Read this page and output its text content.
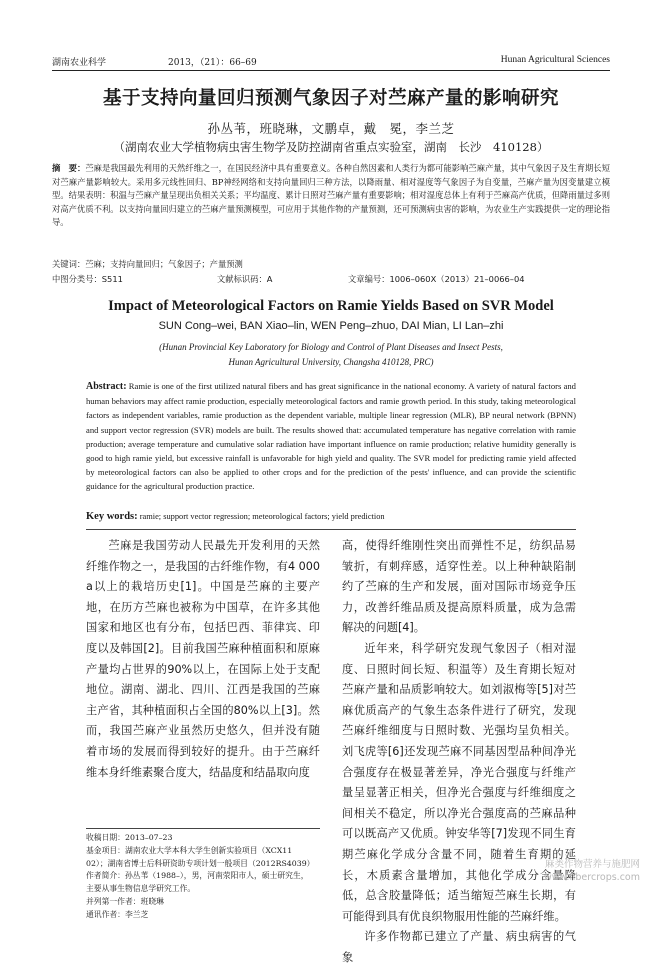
湖南农业科学	2013，（21）：66–69	Hunan Agricultural Sciences
基于支持向量回归预测气象因子对苎麻产量的影响研究
孙丛苇，班晓琳，文鹏卓，戴　冕，李兰芝
（湖南农业大学植物病虫害生物学及防控湖南省重点实验室，湖南　长沙　410128）
摘　要：苎麻是我国最先利用的天然纤维之一，在国民经济中具有重要意义。各种自然因素和人类行为都可能影响苎麻产量，其中气象因子及生育期长短对苎麻产量影响较大。采用多元线性回归、BP神经网络和支持向量回归三种方法，以降雨量、相对湿度等气象因子为自变量，苎麻产量为因变量建立模型。结果表明：积温与苎麻产量呈现出负相关关系；平均温度、累计日照对苎麻产量有重要影响；相对湿度总体上有利于苎麻高产优质，但降雨量过多则对高产优质不利。以支持向量回归建立的苎麻产量预测模型，可应用于其他作物的产量预测，还可预测病虫害的影响，为农业生产实践提供一定的理论指导。
关键词：苎麻；支持向量回归；气象因子；产量预测
中图分类号：S511	文献标识码：A	文章编号：1006–060X（2013）21–0066–04
Impact of Meteorological Factors on Ramie Yields Based on SVR Model
SUN Cong–wei, BAN Xiao–lin, WEN Peng–zhuo, DAI Mian, LI Lan–zhi
(Hunan Provincial Key Laboratory for Biology and Control of Plant Diseases and Insect Pests,
Hunan Agricultural University, Changsha 410128, PRC)
Abstract: Ramie is one of the first utilized natural fibers and has great significance in the national economy. A variety of natural factors and human behaviors may affect ramie production, especially meteorological factors and ramie growth period. In this study, taking meteorological factors as independent variables, ramie production as the dependent variable, multiple linear regression (MLR), BP neural network (BPNN) and support vector regression (SVR) models are built. The results showed that: accumulated temperature has negative correlation with ramie production; average temperature and cumulative solar radiation have important influence on ramie production; relative humidity generally is good to high ramie yield, but excessive rainfall is unfavorable for high yield and quality. The SVR model for predicting ramie yield affected by meteorological factors can also be applied to other crops and for the prediction of the pests' influence, and can provide the scientific guidance for the agricultural production practice.
Key words: ramie; support vector regression; meteorological factors; yield prediction

苎麻是我国劳动人民最先开发利用的天然纤维作物之一，是我国的古纤维作物，有4 000 a以上的栽培历史[1]。中国是苎麻的主要产地，在历方苎麻也被称为中国草，在许多其他国家和地区也有分布，包括巴西、菲律宾、印度以及韩国[2]。目前我国苎麻种植面积和原麻产量均占世界的90%以上，在国际上处于支配地位。湖南、湖北、四川、江西是我国的苎麻主产省，其种植面积占全国的80%以上[3]。然而，我国苎麻产业虽然历史悠久，但并没有随着市场的发展而得到较好的提升。由于苎麻纤维本身纤维素聚合度大，结晶度和结晶取向度

高，使得纤维刚性突出而弹性不足，纺织品易皱折，有刺痒感，适穿性差。以上种种缺陷制约了苎麻的生产和发展，面对国际市场竞争压力，改善纤维品质及提高原料质量，成为急需解决的问题[4]。

近年来，科学研究发现气象因子（相对湿度、日照时间长短、积温等）及生育期长短对苎麻产量和品质影响较大。如刘淑梅等[5]对苎麻优质高产的气象生态条件进行了研究，发现苎麻纤维细度与日照时数、光强均呈负相关。刘飞虎等[6]还发现苎麻不同基因型品种间净光合强度存在极显著差异，净光合强度与纤维产量呈显著正相关，但净光合强度与纤维细度之间相关不稳定，所以净光合强度高的苎麻品种可以既高产又优质。钟安华等[7]发现不同生育期苎麻化学成分含量不同，随着生育期的延长，木质素含量增加，其他化学成分含量降低，总含胶量降低；适当缩短苎麻生长期，有可能得到具有优良织物服用性能的苎麻纤维。

许多作物都已建立了产量、病虫病害的气象

收稿日期：2013–07–23
基金项目：湖南农业大学本科大学生创新实验项目（XCX11
02）；湖南省博士后科研资助专项计划一般项目（2012RS4039）
作者简介：孙丛苇（1988–），男，河南荥阳市人，硕士研究生，
主要从事生物信息学研究工作。
并列第一作者：班晓琳
通讯作者：李兰芝
麻类作物营养与施肥网
www.fibercrops.com
